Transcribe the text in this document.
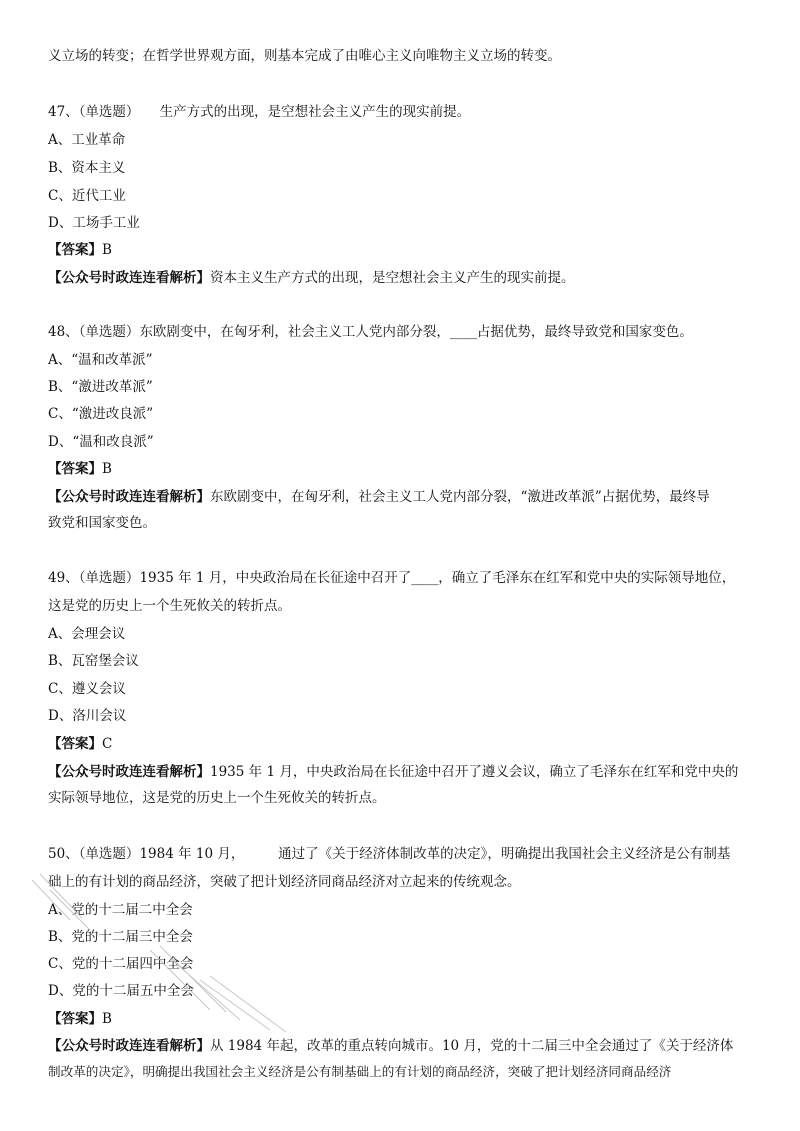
义立场的转变；在哲学世界观方面，则基本完成了由唯心主义向唯物主义立场的转变。
47、（单选题）　　生产方式的出现，是空想社会主义产生的现实前提。
A、工业革命
B、资本主义
C、近代工业
D、工场手工业
【答案】B
【公众号时政连连看解析】资本主义生产方式的出现，是空想社会主义产生的现实前提。
48、（单选题）东欧剧变中，在匈牙利，社会主义工人党内部分裂，____占据优势，最终导致党和国家变色。
A、“温和改革派”
B、“激进改革派”
C、“激进改良派”
D、“温和改良派”
【答案】B
【公众号时政连连看解析】东欧剧变中，在匈牙利，社会主义工人党内部分裂，“激进改革派”占据优势，最终导
致党和国家变色。
49、（单选题）1935 年 1 月，中央政治局在长征途中召开了____，确立了毛泽东在红军和党中央的实际领导地位，
这是党的历史上一个生死攸关的转折点。
A、会理会议
B、瓦窑堡会议
C、遵义会议
D、洛川会议
【答案】C
【公众号时政连连看解析】1935 年 1 月，中央政治局在长征途中召开了遵义会议，确立了毛泽东在红军和党中央的
实际领导地位，这是党的历史上一个生死攸关的转折点。
50、（单选题）1984 年 10 月，　　　通过了《关于经济体制改革的决定》，明确提出我国社会主义经济是公有制基
础上的有计划的商品经济，突破了把计划经济同商品经济对立起来的传统观念。
A、党的十二届二中全会
B、党的十二届三中全会
C、党的十二届四中全会
D、党的十二届五中全会
【答案】B
【公众号时政连连看解析】从 1984 年起，改革的重点转向城市。10 月，党的十二届三中全会通过了《关于经济体
制改革的决定》，明确提出我国社会主义经济是公有制基础上的有计划的商品经济，突破了把计划经济同商品经济
